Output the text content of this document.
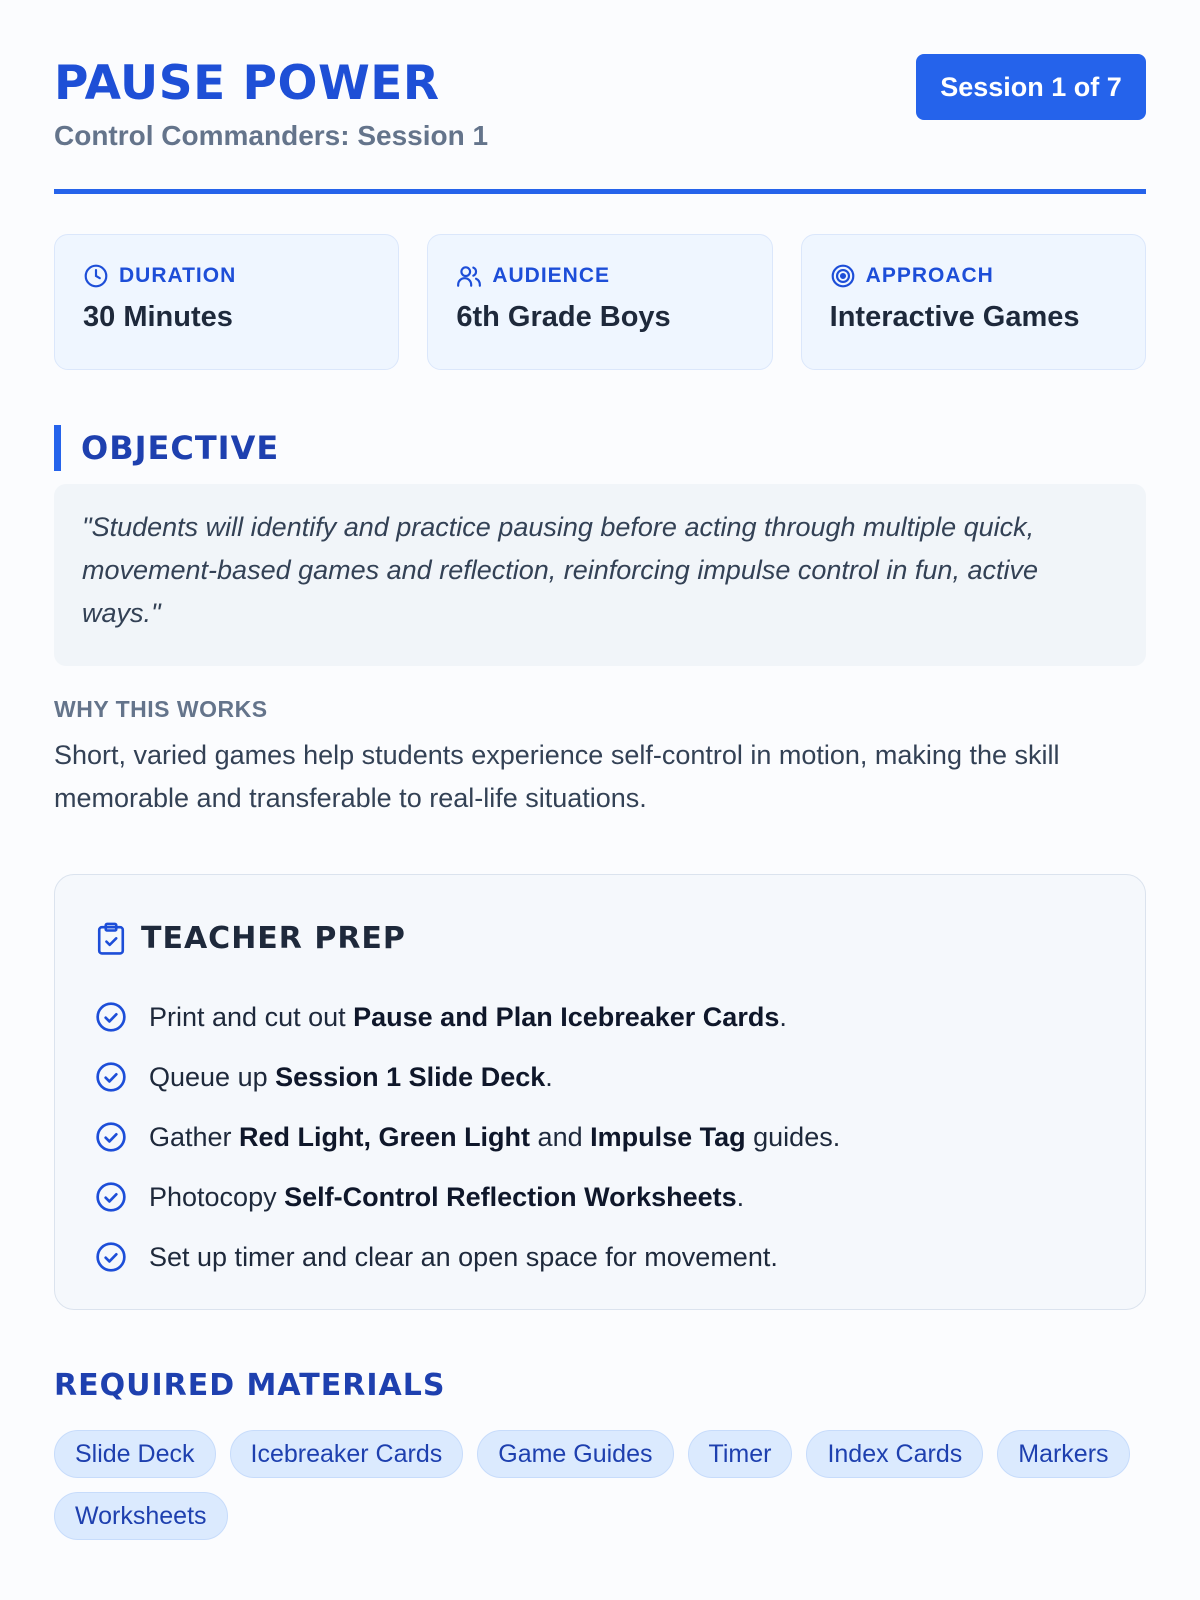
PAUSE POWER
Control Commanders: Session 1
Session 1 of 7
DURATION
30 Minutes
AUDIENCE
6th Grade Boys
APPROACH
Interactive Games
OBJECTIVE
"Students will identify and practice pausing before acting through multiple quick, movement-based games and reflection, reinforcing impulse control in fun, active ways."
WHY THIS WORKS
Short, varied games help students experience self-control in motion, making the skill memorable and transferable to real-life situations.
TEACHER PREP
Print and cut out Pause and Plan Icebreaker Cards.
Queue up Session 1 Slide Deck.
Gather Red Light, Green Light and Impulse Tag guides.
Photocopy Self-Control Reflection Worksheets.
Set up timer and clear an open space for movement.
REQUIRED MATERIALS
Slide Deck	Icebreaker Cards	Game Guides	Timer	Index Cards	Markers
Worksheets
